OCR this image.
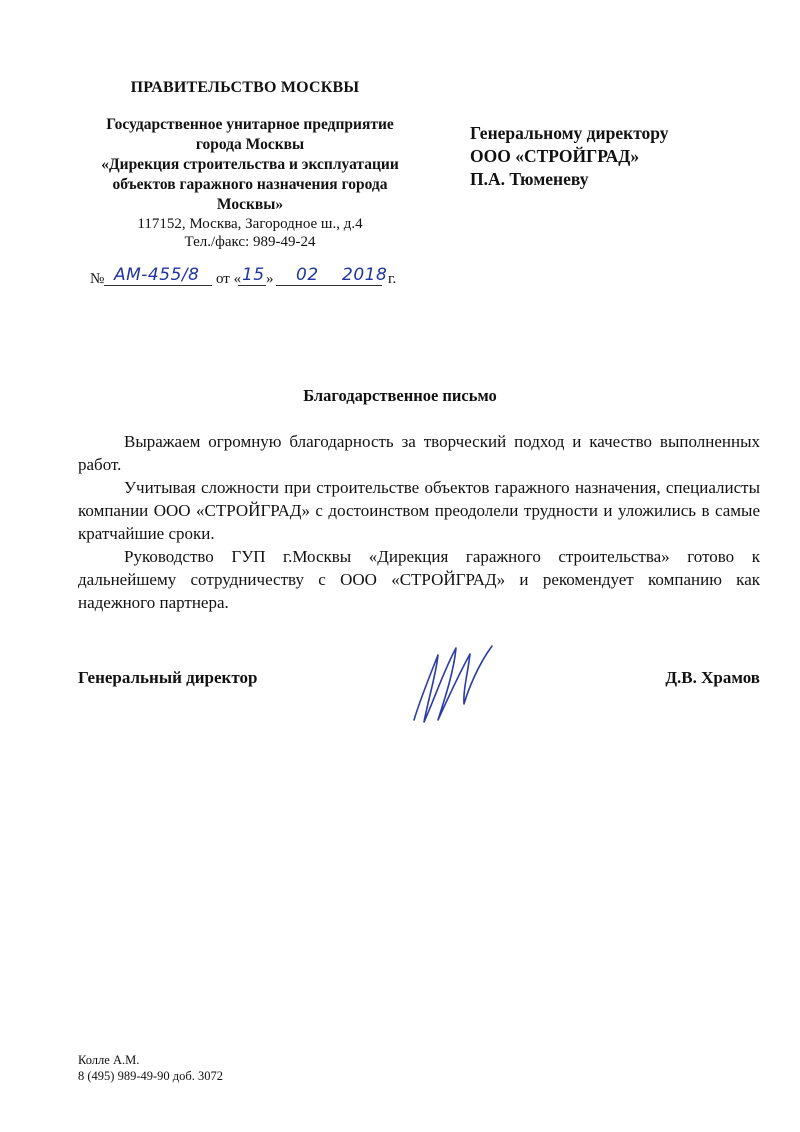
ПРАВИТЕЛЬСТВО МОСКВЫ
Государственное унитарное предприятие
города Москвы
«Дирекция строительства и эксплуатации
объектов гаражного назначения города
Москвы»
117152, Москва, Загородное ш., д.4
Тел./факс: 989-49-24
№ АМ-455/8 от « 15 » 02 2018 г.
Генеральному директору
ООО «СТРОЙГРАД»
П.А. Тюменеву
Благодарственное письмо

Выражаем огромную благодарность за творческий подход и качество выполненных работ.

Учитывая сложности при строительстве объектов гаражного назначения, специалисты компании ООО «СТРОЙГРАД» с достоинством преодолели трудности и уложились в самые кратчайшие сроки.

Руководство ГУП г.Москвы «Дирекция гаражного строительства» готово к дальнейшему сотрудничеству с ООО «СТРОЙГРАД» и рекомендует компанию как надежного партнера.

Генеральный директор	Д.В. Храмов
Колле А.М.
8 (495) 989-49-90 доб. 3072
